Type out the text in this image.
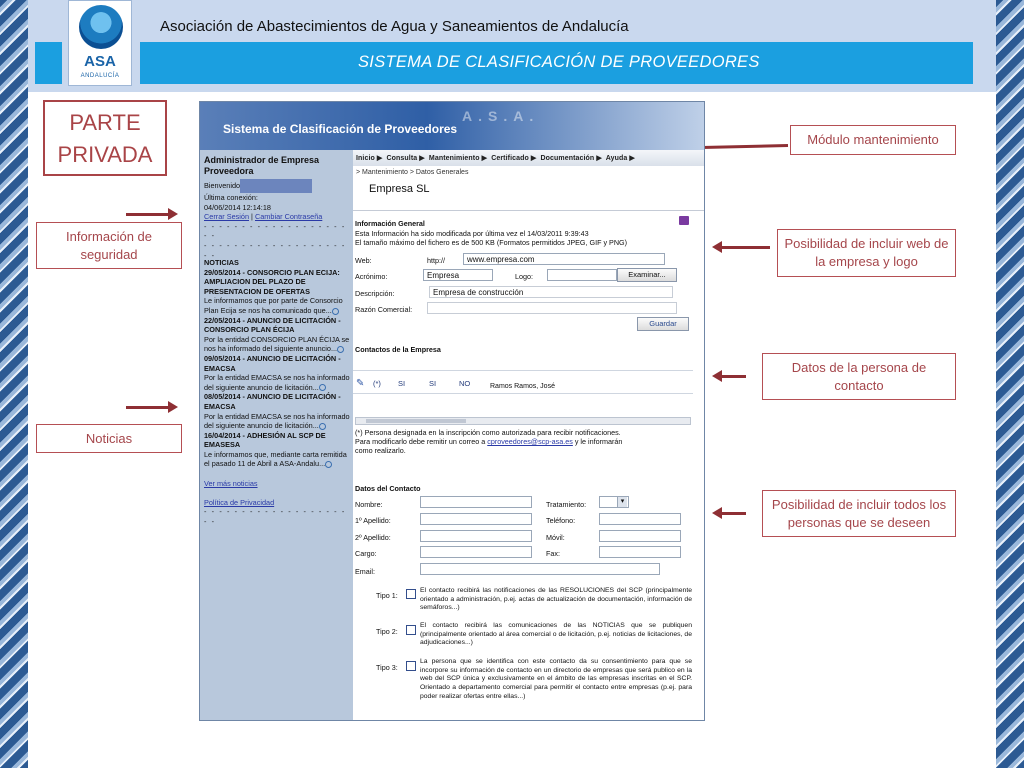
ASA
ANDALUCÍA
Asociación de Abastecimientos de Agua y Saneamientos de Andalucía
SISTEMA DE CLASIFICACIÓN DE PROVEEDORES
PARTE
PRIVADA
Módulo mantenimiento
Información de seguridad
Noticias
Posibilidad de incluir web de la empresa y logo
Datos de la persona de contacto
Posibilidad de incluir todos los personas que se deseen
A.S.A.
Sistema de Clasificación de Proveedores
Administrador de Empresa Proveedora
Bienvenido
Última conexión:
04/06/2014 12:14:18
Cerrar Sesión | Cambiar Contraseña
- - - - - - - - - - - - - - - - - - - - -
- - - - - - - - - - - - - - - - - - - - -
NOTICIAS
29/05/2014 - CONSORCIO PLAN ECIJA: AMPLIACION DEL PLAZO DE PRESENTACION DE OFERTAS
Le informamos que por parte de Consorcio Plan Ecija se nos ha comunicado que...
22/05/2014 - ANUNCIO DE LICITACIÓN - CONSORCIO PLAN ÉCIJA
Por la entidad CONSORCIO PLAN ÉCIJA se nos ha informado del siguiente anuncio...
09/05/2014 - ANUNCIO DE LICITACIÓN - EMACSA
Por la entidad EMACSA se nos ha informado del siguiente anuncio de licitación...
08/05/2014 - ANUNCIO DE LICITACIÓN - EMACSA
Por la entidad EMACSA se nos ha informado del siguiente anuncio de licitación...
16/04/2014 - ADHESIÓN AL SCP DE EMASESA
Le informamos que, mediante carta remitida el pasado 11 de Abril a ASA-Andalu...

Ver más noticias

Política de Privacidad
- - - - - - - - - - - - - - - - - - - - -
Inicio ▶ Consulta ▶ Mantenimiento ▶ Certificado ▶ Documentación ▶ Ayuda ▶
> Mantenimiento > Datos Generales
Empresa SL
Información General
Esta Información ha sido modificada por última vez el 14/03/2011 9:39:43
El tamaño máximo del fichero es de 500 KB (Formatos permitidos JPEG, GIF y PNG)
Web:	http://	www.empresa.com
Acrónimo:	Empresa	Logo:	Examinar...
Descripción:	Empresa de construcción
Razón Comercial:
Guardar
Contactos de la Empresa
✎ (*) SI	SI	NO	Ramos Ramos, José
(*) Persona designada en la inscripción como autorizada para recibir notificaciones.
Para modificarlo debe remitir un correo a cproveedores@scp-asa.es y le informarán
como realizarlo.
Datos del Contacto
Nombre:	Tratamiento:	▾
1º Apellido:	Teléfono:
2º Apellido:	Móvil:
Cargo:	Fax:
Email:
Tipo 1:
El contacto recibirá las notificaciones de las RESOLUCIONES del SCP (principalmente orientado a administración, p.ej. actas de actualización de documentación, información de semáforos...)
Tipo 2:
El contacto recibirá las comunicaciones de las NOTICIAS que se publiquen (principalmente orientado al área comercial o de licitación, p.ej. noticias de licitaciones, de adjudicaciones...)
Tipo 3:
La persona que se identifica con este contacto da su consentimiento para que se incorpore su información de contacto en un directorio de empresas que será publico en la web del SCP única y exclusivamente en el ámbito de las empresas inscritas en el SCP. Orientado a departamento comercial para permitir el contacto entre empresas (p.ej. para poder realizar ofertas entre ellas...)
